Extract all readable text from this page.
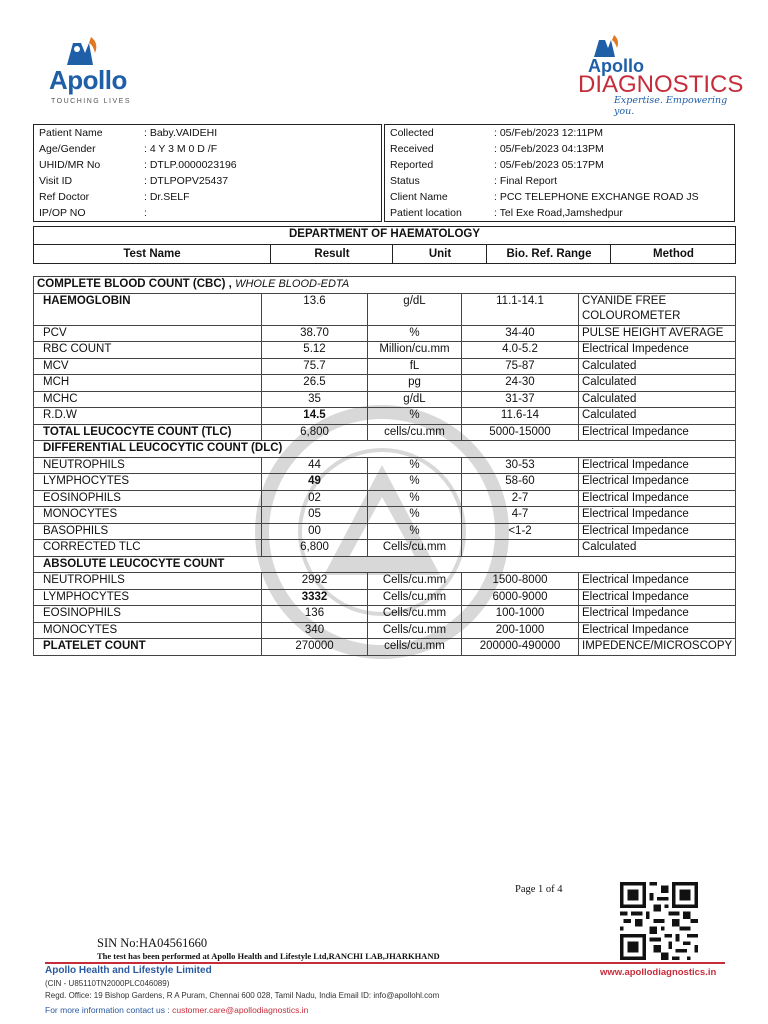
Apollo
TOUCHING LIVES
Apollo
DIAGNOSTICS
Expertise. Empowering you.
Patient Name	: Baby.VAIDEHI
Age/Gender	: 4 Y 3 M 0 D /F
UHID/MR No	: DTLP.0000023196
Visit ID	: DTLPOPV25437
Ref Doctor	: Dr.SELF
IP/OP NO	:
Collected	: 05/Feb/2023 12:11PM
Received	: 05/Feb/2023 04:13PM
Reported	: 05/Feb/2023 05:17PM
Status	: Final Report
Client Name	: PCC TELEPHONE EXCHANGE ROAD JS
Patient location	: Tel Exe Road,Jamshedpur
DEPARTMENT OF HAEMATOLOGY
Test Name	Result	Unit	Bio. Ref. Range	Method
COMPLETE BLOOD COUNT (CBC) , WHOLE BLOOD-EDTA				
HAEMOGLOBIN	13.6	g/dL	11.1-14.1	CYANIDE FREE
COLOUROMETER

PCV	38.70	%	34-40	PULSE HEIGHT AVERAGE
RBC COUNT	5.12	Million/cu.mm	4.0-5.2	Electrical Impedence
MCV	75.7	fL	75-87	Calculated
MCH	26.5	pg	24-30	Calculated
MCHC	35	g/dL	31-37	Calculated
R.D.W	14.5	%	11.6-14	Calculated
TOTAL LEUCOCYTE COUNT (TLC)	6,800	cells/cu.mm	5000-15000	Electrical Impedance
DIFFERENTIAL LEUCOCYTIC COUNT (DLC)				
NEUTROPHILS	44	%	30-53	Electrical Impedance
LYMPHOCYTES	49	%	58-60	Electrical Impedance
EOSINOPHILS	02	%	2-7	Electrical Impedance
MONOCYTES	05	%	4-7	Electrical Impedance
BASOPHILS	00	%	<1-2	Electrical Impedance
CORRECTED TLC	6,800	Cells/cu.mm		Calculated
ABSOLUTE LEUCOCYTE COUNT				
NEUTROPHILS	2992	Cells/cu.mm	1500-8000	Electrical Impedance
LYMPHOCYTES	3332	Cells/cu.mm	6000-9000	Electrical Impedance
EOSINOPHILS	136	Cells/cu.mm	100-1000	Electrical Impedance
MONOCYTES	340	Cells/cu.mm	200-1000	Electrical Impedance
PLATELET COUNT	270000	cells/cu.mm	200000-490000	IMPEDENCE/MICROSCOPY
Page 1 of 4
SIN No:HA04561660
The test has been performed at Apollo Health and Lifestyle Ltd,RANCHI LAB,JHARKHAND
Apollo Health and Lifestyle Limited
(CIN - U85110TN2000PLC046089)
Regd. Office: 19 Bishop Gardens, R A Puram, Chennai 600 028, Tamil Nadu, India Email ID: info@apollohl.com
For more information contact us : customer.care@apollodiagnostics.in
www.apollodiagnostics.in
